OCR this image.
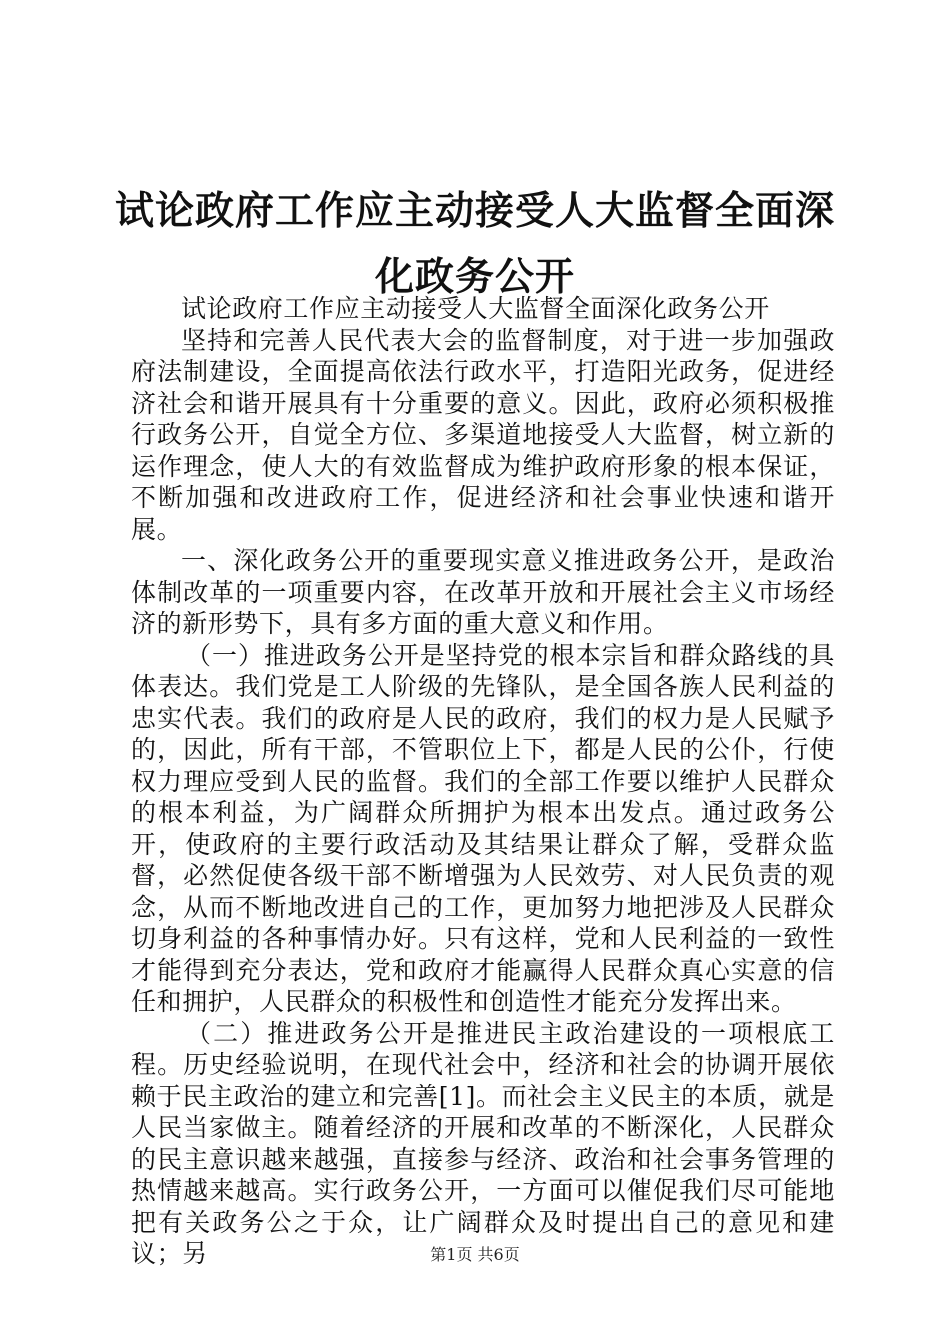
试论政府工作应主动接受人大监督全面深化政务公开

试论政府工作应主动接受人大监督全面深化政务公开

坚持和完善人民代表大会的监督制度，对于进一步加强政府法制建设，全面提高依法行政水平，打造阳光政务，促进经济社会和谐开展具有十分重要的意义。因此，政府必须积极推行政务公开，自觉全方位、多渠道地接受人大监督，树立新的运作理念，使人大的有效监督成为维护政府形象的根本保证，不断加强和改进政府工作，促进经济和社会事业快速和谐开展。

一、深化政务公开的重要现实意义推进政务公开，是政治体制改革的一项重要内容，在改革开放和开展社会主义市场经济的新形势下，具有多方面的重大意义和作用。

（一）推进政务公开是坚持党的根本宗旨和群众路线的具体表达。我们党是工人阶级的先锋队，是全国各族人民利益的忠实代表。我们的政府是人民的政府，我们的权力是人民赋予的，因此，所有干部，不管职位上下，都是人民的公仆，行使权力理应受到人民的监督。我们的全部工作要以维护人民群众的根本利益，为广阔群众所拥护为根本出发点。通过政务公开，使政府的主要行政活动及其结果让群众了解，受群众监督，必然促使各级干部不断增强为人民效劳、对人民负责的观念，从而不断地改进自己的工作，更加努力地把涉及人民群众切身利益的各种事情办好。只有这样，党和人民利益的一致性才能得到充分表达，党和政府才能赢得人民群众真心实意的信任和拥护，人民群众的积极性和创造性才能充分发挥出来。

（二）推进政务公开是推进民主政治建设的一项根底工程。历史经验说明，在现代社会中，经济和社会的协调开展依赖于民主政治的建立和完善[1]。而社会主义民主的本质，就是人民当家做主。随着经济的开展和改革的不断深化，人民群众的民主意识越来越强，直接参与经济、政治和社会事务管理的热情越来越高。实行政务公开，一方面可以催促我们尽可能地把有关政务公之于众，让广阔群众及时提出自己的意见和建议；另	第1页 共6页
